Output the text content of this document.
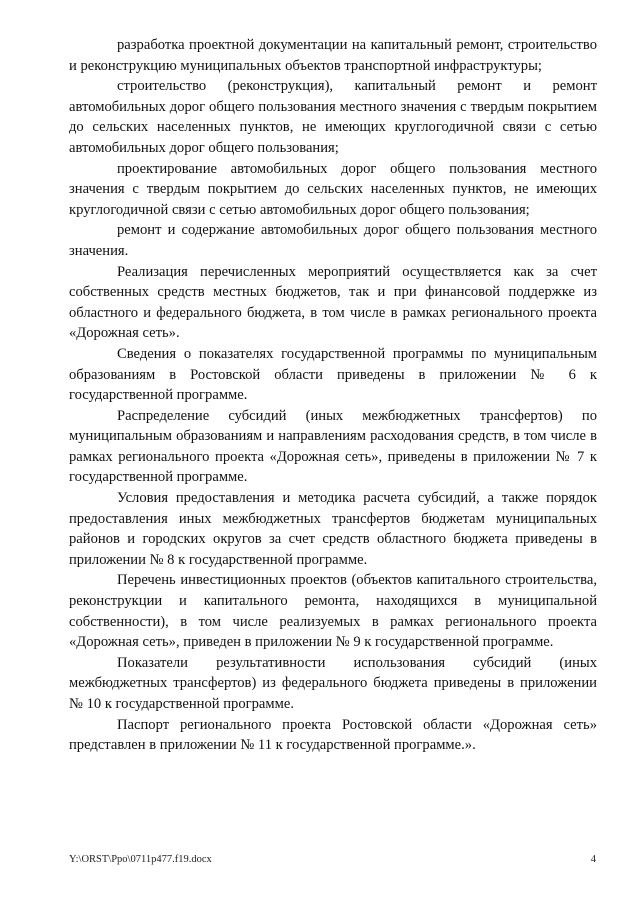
разработка проектной документации на капитальный ремонт, строительство и реконструкцию муниципальных объектов транспортной инфраструктуры;

строительство (реконструкция), капитальный ремонт и ремонт автомобильных дорог общего пользования местного значения с твердым покрытием до сельских населенных пунктов, не имеющих круглогодичной связи с сетью автомобильных дорог общего пользования;

проектирование автомобильных дорог общего пользования местного значения с твердым покрытием до сельских населенных пунктов, не имеющих круглогодичной связи с сетью автомобильных дорог общего пользования;

ремонт и содержание автомобильных дорог общего пользования местного значения.

Реализация перечисленных мероприятий осуществляется как за счет собственных средств местных бюджетов, так и при финансовой поддержке из областного и федерального бюджета, в том числе в рамках регионального проекта «Дорожная сеть».

Сведения о показателях государственной программы по муниципальным образованиям в Ростовской области приведены в приложении № 6 к государственной программе.

Распределение субсидий (иных межбюджетных трансфертов) по муниципальным образованиям и направлениям расходования средств, в том числе в рамках регионального проекта «Дорожная сеть», приведены в приложении № 7 к государственной программе.

Условия предоставления и методика расчета субсидий, а также порядок предоставления иных межбюджетных трансфертов бюджетам муниципальных районов и городских округов за счет средств областного бюджета приведены в приложении № 8 к государственной программе.

Перечень инвестиционных проектов (объектов капитального строительства, реконструкции и капитального ремонта, находящихся в муниципальной собственности), в том числе реализуемых в рамках регионального проекта «Дорожная сеть», приведен в приложении № 9 к государственной программе.

Показатели результативности использования субсидий (иных межбюджетных трансфертов) из федерального бюджета приведены в приложении № 10 к государственной программе.

Паспорт регионального проекта Ростовской области «Дорожная сеть» представлен в приложении № 11 к государственной программе.».

Y:\ORST\Ppo\0711p477.f19.docx	4
